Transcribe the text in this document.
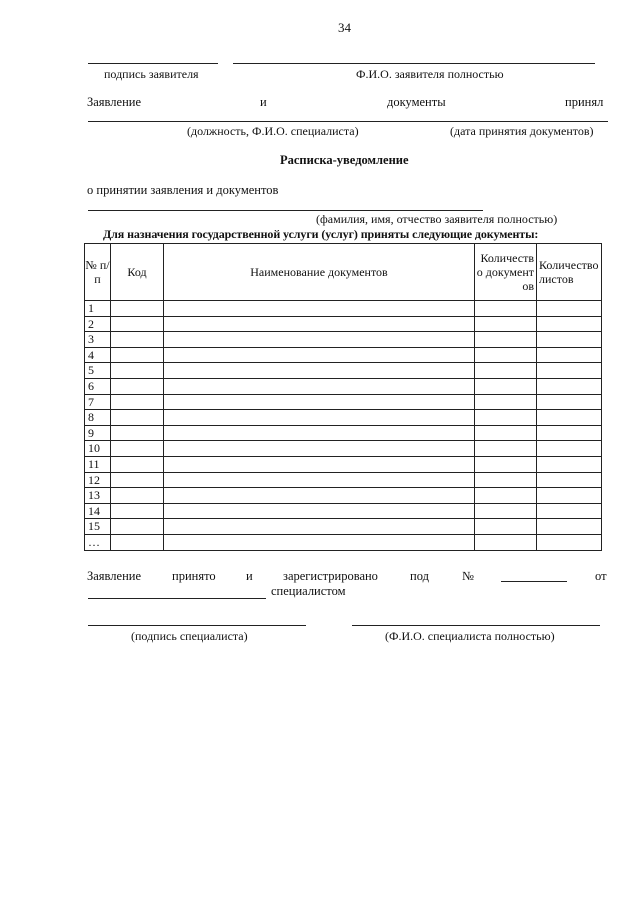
34
подпись заявителя	Ф.И.О. заявителя полностью
Заявление	и	документы	принял
(должность, Ф.И.О. специалиста)	(дата принятия документов)
Расписка-уведомление
о принятии заявления и документов
(фамилия, имя, отчество заявителя полностью)
Для назначения государственной услуги (услуг) приняты следующие документы:
№ п/п	Код	Наименование документов	Количество документов	Количество листов
1				
2				
3				
4				
5				
6				
7				
8				
9				
10				
11				
12				
13				
14				
15				
…				
Заявление принято и зарегистрировано	под	№	от
специалистом
(подпись специалиста)	(Ф.И.О. специалиста полностью)
